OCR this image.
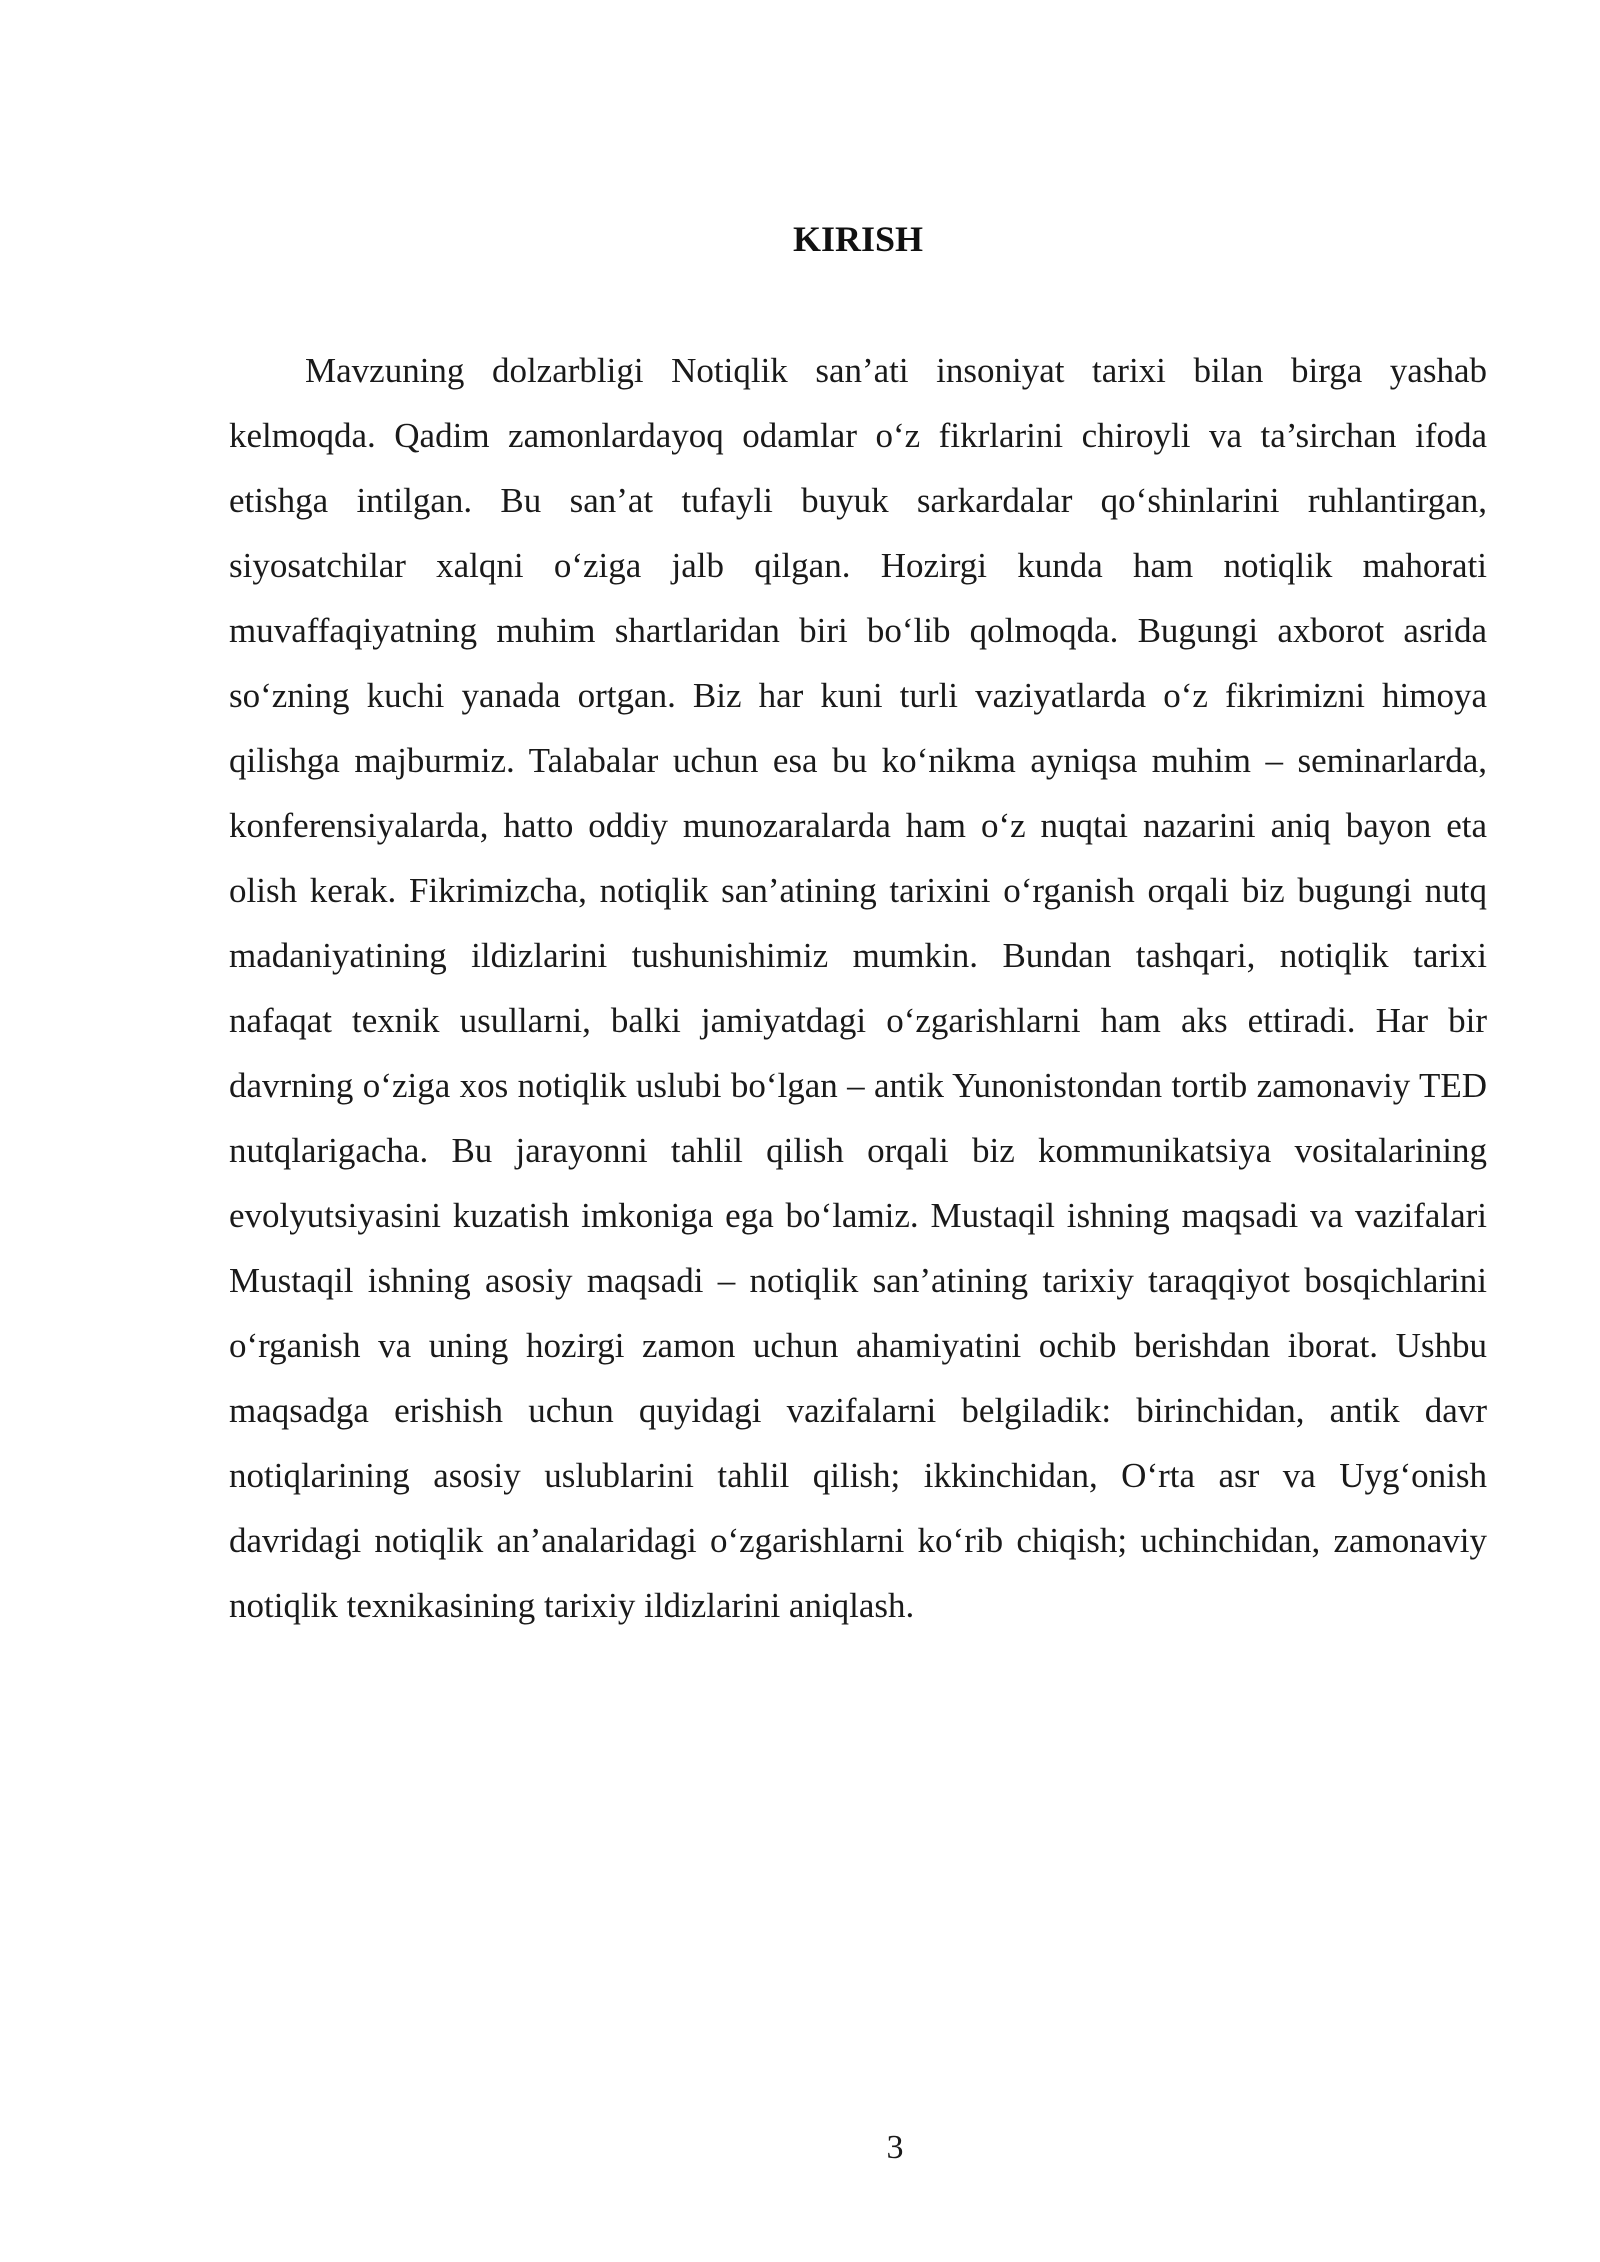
KIRISH

Mavzuning dolzarbligi Notiqlik san’ati insoniyat tarixi bilan birga yashab kelmoqda. Qadim zamonlardayoq odamlar o‘z fikrlarini chiroyli va ta’sirchan ifoda etishga intilgan. Bu san’at tufayli buyuk sarkardalar qo‘shinlarini ruhlantirgan, siyosatchilar xalqni o‘ziga jalb qilgan. Hozirgi kunda ham notiqlik mahorati muvaffaqiyatning muhim shartlaridan biri bo‘lib qolmoqda. Bugungi axborot asrida so‘zning kuchi yanada ortgan. Biz har kuni turli vaziyatlarda o‘z fikrimizni himoya qilishga majburmiz. Talabalar uchun esa bu ko‘nikma ayniqsa muhim – seminarlarda, konferensiyalarda, hatto oddiy munozaralarda ham o‘z nuqtai nazarini aniq bayon eta olish kerak. Fikrimizcha, notiqlik san’atining tarixini o‘rganish orqali biz bugungi nutq madaniyatining ildizlarini tushunishimiz mumkin. Bundan tashqari, notiqlik tarixi nafaqat texnik usullarni, balki jamiyatdagi o‘zgarishlarni ham aks ettiradi. Har bir davrning o‘ziga xos notiqlik uslubi bo‘lgan – antik Yunonistondan tortib zamonaviy TED nutqlarigacha. Bu jarayonni tahlil qilish orqali biz kommunikatsiya vositalarining evolyutsiyasini kuzatish imkoniga ega bo‘lamiz. Mustaqil ishning maqsadi va vazifalari Mustaqil ishning asosiy maqsadi – notiqlik san’atining tarixiy taraqqiyot bosqichlarini o‘rganish va uning hozirgi zamon uchun ahamiyatini ochib berishdan iborat. Ushbu maqsadga erishish uchun quyidagi vazifalarni belgiladik: birinchidan, antik davr notiqlarining asosiy uslublarini tahlil qilish; ikkinchidan, O‘rta asr va Uyg‘onish davridagi notiqlik an’analaridagi o‘zgarishlarni ko‘rib chiqish; uchinchidan, zamonaviy notiqlik texnikasining tarixiy ildizlarini aniqlash.

3
